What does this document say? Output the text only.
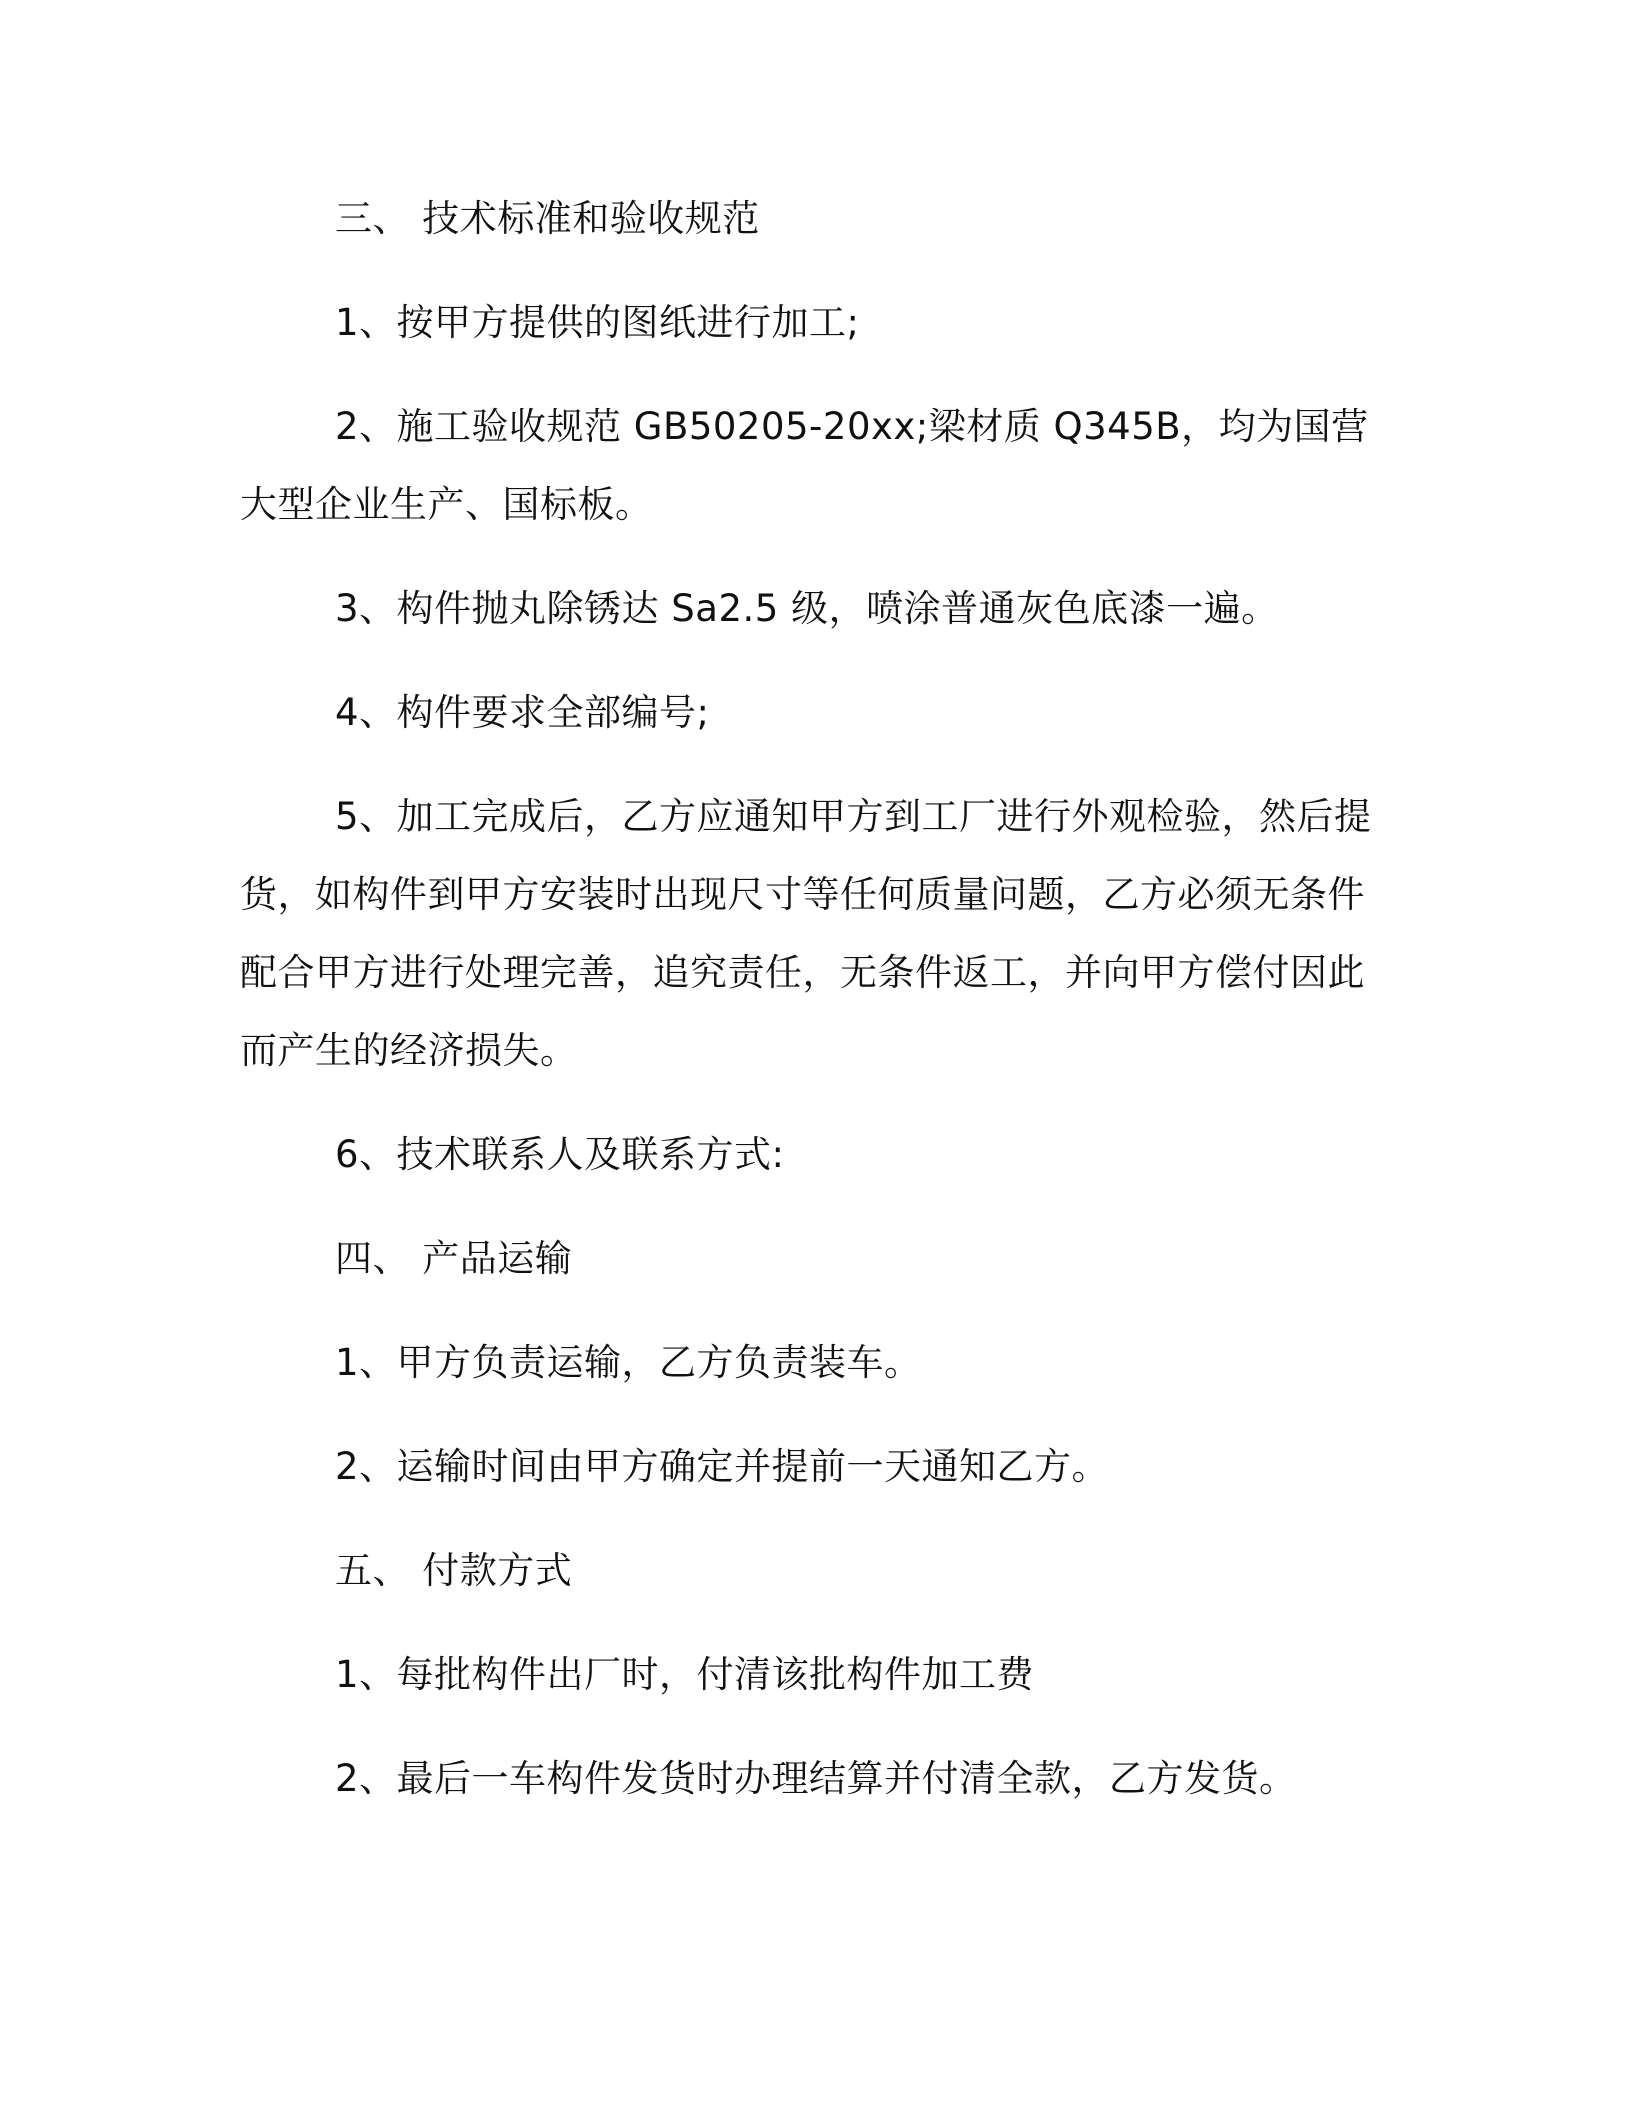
三、 技术标准和验收规范

1、按甲方提供的图纸进行加工;

2、施工验收规范 GB50205-20xx;梁材质 Q345B，均为国营大型企业生产、国标板。

3、构件抛丸除锈达 Sa2.5 级，喷涂普通灰色底漆一遍。

4、构件要求全部编号;

5、加工完成后，乙方应通知甲方到工厂进行外观检验，然后提货，如构件到甲方安装时出现尺寸等任何质量问题，乙方必须无条件配合甲方进行处理完善，追究责任，无条件返工，并向甲方偿付因此而产生的经济损失。

6、技术联系人及联系方式:

四、 产品运输

1、甲方负责运输，乙方负责装车。

2、运输时间由甲方确定并提前一天通知乙方。

五、 付款方式

1、每批构件出厂时，付清该批构件加工费

2、最后一车构件发货时办理结算并付清全款，乙方发货。
